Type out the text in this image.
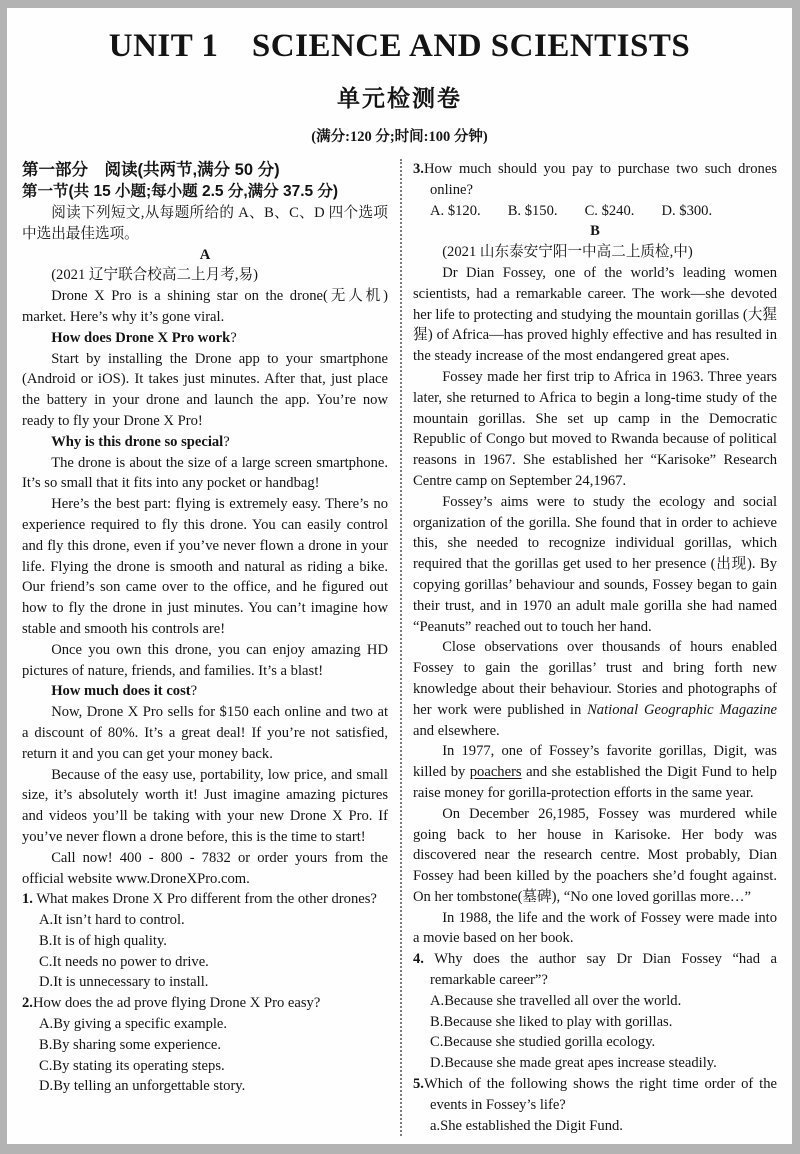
UNIT 1　SCIENCE AND SCIENTISTS
单元检测卷
(满分:120 分;时间:100 分钟)
第一部分　阅读(共两节,满分 50 分)
第一节(共 15 小题;每小题 2.5 分,满分 37.5 分)
阅读下列短文,从每题所给的 A、B、C、D 四个选项中选出最佳选项。
A
(2021 辽宁联合校高二上月考,易)
Drone X Pro is a shining star on the drone(无人机) market. Here’s why it’s gone viral.
How does Drone X Pro work?
Start by installing the Drone app to your smartphone (Android or iOS). It takes just minutes. After that, just place the battery in your drone and launch the app. You’re now ready to fly your Drone X Pro!
Why is this drone so special?
The drone is about the size of a large screen smartphone. It’s so small that it fits into any pocket or handbag!
Here’s the best part: flying is extremely easy. There’s no experience required to fly this drone. You can easily control and fly this drone, even if you’ve never flown a drone in your life. Flying the drone is smooth and natural as riding a bike. Our friend’s son came over to the office, and he figured out how to fly the drone in just minutes. You can’t imagine how stable and smooth his controls are!
Once you own this drone, you can enjoy amazing HD pictures of nature, friends, and families. It’s a blast!
How much does it cost?
Now, Drone X Pro sells for $150 each online and two at a discount of 80%. It’s a great deal! If you’re not satisfied, return it and you can get your money back.
Because of the easy use, portability, low price, and small size, it’s absolutely worth it! Just imagine amazing pictures and videos you’ll be taking with your new Drone X Pro. If you’ve never flown a drone before, this is the time to start!
Call now! 400 - 800 - 7832 or order yours from the official website www.DroneXPro.com.
1. What makes Drone X Pro different from the other drones?
A.It isn’t hard to control.
B.It is of high quality.
C.It needs no power to drive.
D.It is unnecessary to install.
2.How does the ad prove flying Drone X Pro easy?
A.By giving a specific example.
B.By sharing some experience.
C.By stating its operating steps.
D.By telling an unforgettable story.
3.How much should you pay to purchase two such drones online?
A. $120. B. $150. C. $240. D. $300.
B
(2021 山东泰安宁阳一中高二上质检,中)
Dr Dian Fossey, one of the world’s leading women scientists, had a remarkable career. The work—she devoted her life to protecting and studying the mountain gorillas (大猩猩) of Africa—has proved highly effective and has resulted in the steady increase of the most endangered great apes.
Fossey made her first trip to Africa in 1963. Three years later, she returned to Africa to begin a long-time study of the mountain gorillas. She set up camp in the Democratic Republic of Congo but moved to Rwanda because of political reasons in 1967. She established her “Karisoke” Research Centre camp on September 24,1967.
Fossey’s aims were to study the ecology and social organization of the gorilla. She found that in order to achieve this, she needed to recognize individual gorillas, which required that the gorillas get used to her presence (出现). By copying gorillas’ behaviour and sounds, Fossey began to gain their trust, and in 1970 an adult male gorilla she had named “Peanuts” reached out to touch her hand.
Close observations over thousands of hours enabled Fossey to gain the gorillas’ trust and bring forth new knowledge about their behaviour. Stories and photographs of her work were published in National Geographic Magazine and elsewhere.
In 1977, one of Fossey’s favorite gorillas, Digit, was killed by poachers and she established the Digit Fund to help raise money for gorilla-protection efforts in the same year.
On December 26,1985, Fossey was murdered while going back to her house in Karisoke. Her body was discovered near the research centre. Most probably, Dian Fossey had been killed by the poachers she’d fought against. On her tombstone(墓碑), “No one loved gorillas more…”
In 1988, the life and the work of Fossey were made into a movie based on her book.
4. Why does the author say Dr Dian Fossey “had a remarkable career”?
A.Because she travelled all over the world.
B.Because she liked to play with gorillas.
C.Because she studied gorilla ecology.
D.Because she made great apes increase steadily.
5.Which of the following shows the right time order of the events in Fossey’s life?
a.She established the Digit Fund.
